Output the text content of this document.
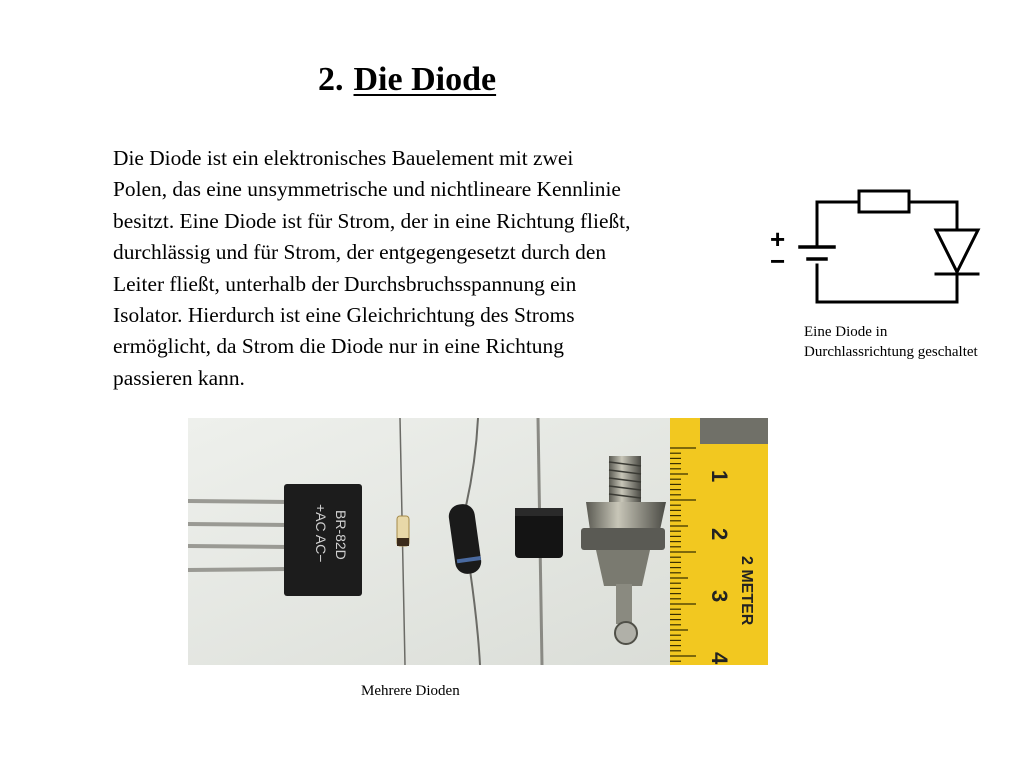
2. Die Diode

Die Diode ist ein elektronisches Bauelement mit zwei
Polen, das eine unsymmetrische und nichtlineare Kennlinie
besitzt. Eine Diode ist für Strom, der in eine Richtung fließt,
durchlässig und für Strom, der entgegengesetzt durch den
Leiter fließt, unterhalb der Durchsbruchsspannung ein
Isolator. Hierdurch ist eine Gleichrichtung des Stroms
ermöglicht, da Strom die Diode nur in eine Richtung
passieren kann.

+
−

Eine Diode in
Durchlassrichtung geschaltet

BR-82D
+AC AC−
1
2
3
4
2 METER

Mehrere Dioden
